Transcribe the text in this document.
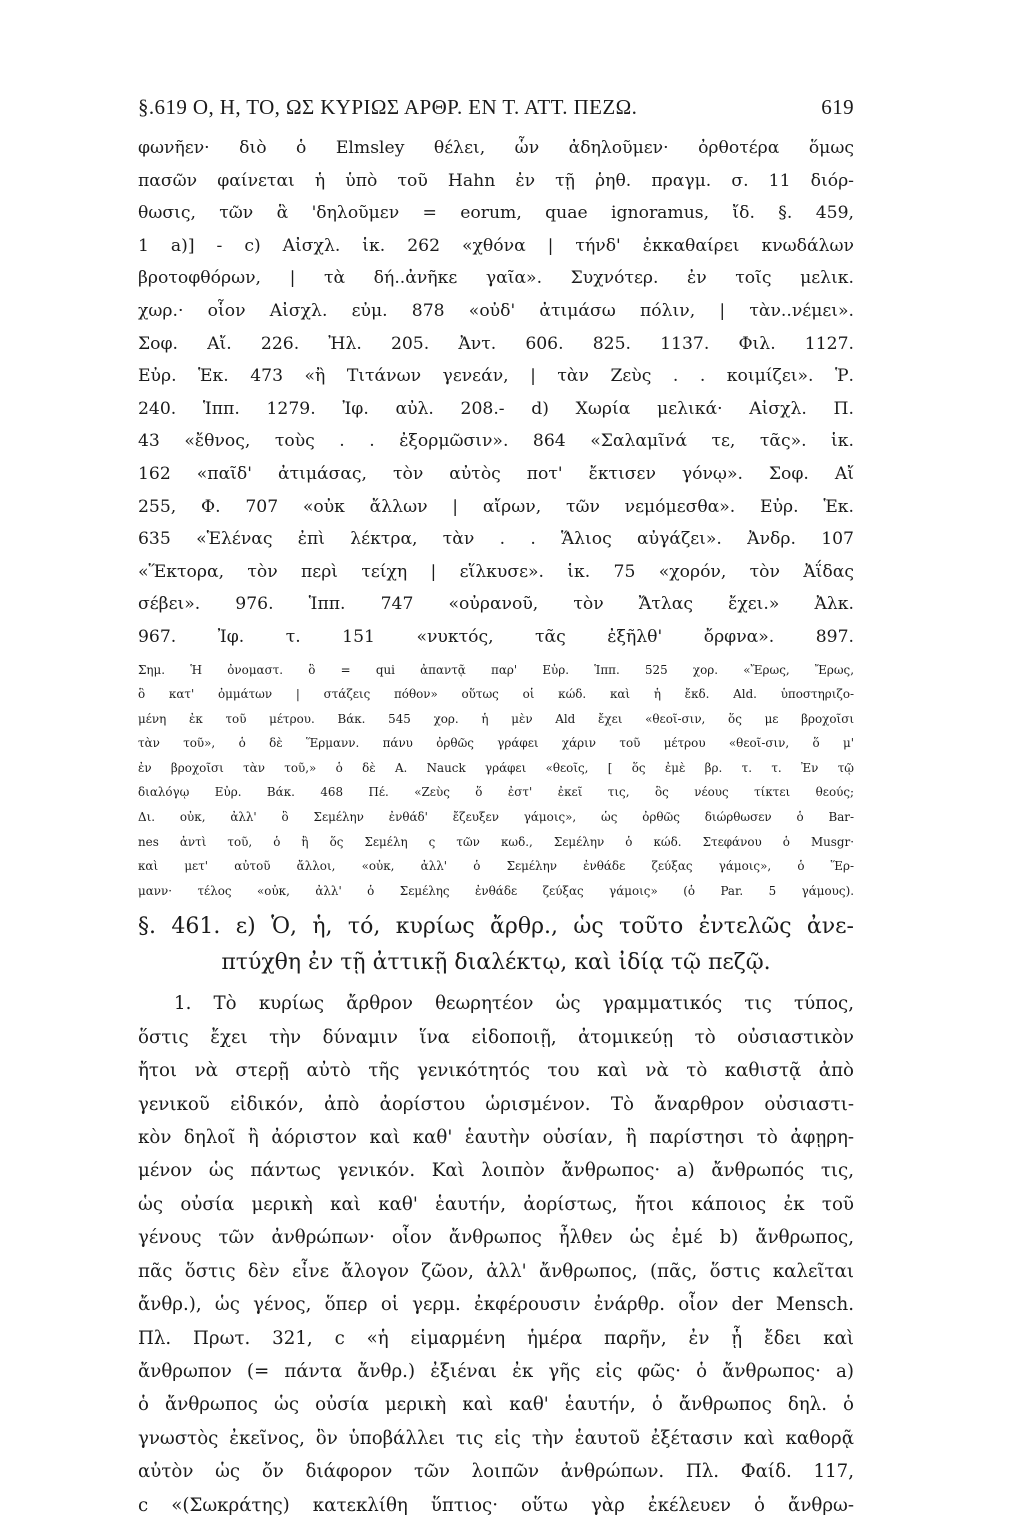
§.619 Ο, Η, ΤΟ, ΩΣ ΚΥΡΙΩΣ ΑΡΘΡ. ΕΝ Τ. ΑΤΤ. ΠΕΖΩ.	619
φωνῆεν· διὸ ὁ Elmsley θέλει, ὧν ἀδηλοῦμεν· ὀρθοτέρα ὅμως
πασῶν φαίνεται ἡ ὑπὸ τοῦ Hahn ἐν τῇ ῥηθ. πραγμ. σ. 11 διόρ-
θωσις, τῶν ἃ 'δηλοῦμεν = eorum, quae ignoramus, ἴδ. §. 459,
1 a)] - c) Αἰσχλ. ἱκ. 262 «χθόνα | τήνδ' ἐκκαθαίρει κνωδάλων
βροτοφθόρων, | τὰ δή..ἀνῆκε γαῖα». Συχνότερ. ἐν τοῖς μελικ.
χωρ.· οἷον Αἰσχλ. εὐμ. 878 «οὐδ' ἀτιμάσω πόλιν, | τὰν..νέμει».
Σοφ. Αἴ. 226. Ἠλ. 205. Ἀντ. 606. 825. 1137. Φιλ. 1127.
Εὐρ. Ἑκ. 473 «ἢ Τιτάνων γενεάν, | τὰν Ζεὺς . . κοιμίζει». Ῥ.
240. Ἱππ. 1279. Ἰφ. αὐλ. 208.- d) Χωρία μελικά· Αἰσχλ. Π.
43 «ἔθνος, τοὺς . . ἐξορμῶσιν». 864 «Σαλαμῖνά τε, τᾶς». ἱκ.
162 «παῖδ' ἀτιμάσας, τὸν αὐτὸς ποτ' ἔκτισεν γόνῳ». Σοφ. Αἴ
255, Φ. 707 «οὐκ ἄλλων | αἴρων, τῶν νεμόμεσθα». Εὐρ. Ἑκ.
635 «Ἑλένας ἐπὶ λέκτρα, τὰν . . Ἅλιος αὐγάζει». Ἀνδρ. 107
«Ἕκτορα, τὸν περὶ τείχη | εἵλκυσε». ἱκ. 75 «χορόν, τὸν Ἀΐδας
σέβει». 976. Ἱππ. 747 «οὐρανοῦ, τὸν Ἄτλας ἔχει.» Ἀλκ.
967. Ἰφ. τ. 151 «νυκτός, τᾶς ἐξῆλθ' ὄρφνα». 897.
Σημ. Ἡ ὀνομαστ. ὃ = qui ἀπαντᾷ παρ' Εὐρ. Ἱππ. 525 χορ. «Ἔρως, Ἔρως,
ὃ κατ' ὀμμάτων | στάζεις πόθον» οὕτως οἱ κώδ. καὶ ἡ ἔκδ. Ald. ὑποστηριζο-
μένη ἐκ τοῦ μέτρου. Βάκ. 545 χορ. ἡ μὲν Ald ἔχει «θεοῖ-σιν, ὅς με βροχοῖσι
τὰν τοῦ», ὁ δὲ Ἕρμανν. πάνυ ὀρθῶς γράφει χάριν τοῦ μέτρου «θεοῖ-σιν, ὅ μ'
ἐν βροχοῖσι τὰν τοῦ,» ὁ δὲ A. Nauck γράφει «θεοῖς, [ ὅς ἐμὲ βρ. τ. τ. Ἐν τῷ
διαλόγῳ Εὐρ. Βάκ. 468 Πέ. «Ζεὺς ὅ ἐστ' ἐκεῖ τις, ὃς νέους τίκτει θεούς;
Δι. οὐκ, ἀλλ' ὃ Σεμέλην ἐνθάδ' ἔζευξεν γάμοις», ὡς ὀρθῶς διώρθωσεν ὁ Bar-
nes ἀντὶ τοῦ, ὁ ἢ ὅς Σεμέλη ς τῶν κωδ., Σεμέλην ὁ κώδ. Στεφάνου ὁ Musgr·
καὶ μετ' αὐτοῦ ἄλλοι, «οὐκ, ἀλλ' ὁ Σεμέλην ἐνθάδε ζεύξας γάμοις», ὁ Ἕρ-
μανν· τέλος «οὐκ, ἀλλ' ὁ Σεμέλης ἐνθάδε ζεύξας γάμοις» (ὁ Par. 5 γάμους).
§. 461. ε) Ὁ, ἡ, τό, κυρίως ἄρθρ., ὡς τοῦτο ἐντελῶς ἀνε-
πτύχθη ἐν τῇ ἀττικῇ διαλέκτῳ, καὶ ἰδίᾳ τῷ πεζῷ.
1. Τὸ κυρίως ἄρθρον θεωρητέον ὡς γραμματικός τις τύπος,
ὅστις ἔχει τὴν δύναμιν ἵνα εἰδοποιῇ, ἀτομικεύῃ τὸ οὐσιαστικὸν
ἤτοι νὰ στερῇ αὐτὸ τῆς γενικότητός του καὶ νὰ τὸ καθιστᾷ ἀπὸ
γενικοῦ εἰδικόν, ἀπὸ ἀορίστου ὡρισμένον. Τὸ ἄναρθρον οὐσιαστι-
κὸν δηλοῖ ἢ ἀόριστον καὶ καθ' ἑαυτὴν οὐσίαν, ἢ παρίστησι τὸ ἀφῃρη-
μένον ὡς πάντως γενικόν. Καὶ λοιπὸν ἄνθρωπος· a) ἄνθρωπός τις,
ὡς οὐσία μερικὴ καὶ καθ' ἑαυτήν, ἀορίστως, ἤτοι κάποιος ἐκ τοῦ
γένους τῶν ἀνθρώπων· οἷον ἄνθρωπος ἦλθεν ὡς ἐμέ b) ἄνθρωπος,
πᾶς ὅστις δὲν εἶνε ἄλογον ζῶον, ἀλλ' ἄνθρωπος, (πᾶς, ὅστις καλεῖται
ἄνθρ.), ὡς γένος, ὅπερ οἱ γερμ. ἐκφέρουσιν ἐνάρθρ. οἷον der Mensch.
Πλ. Πρωτ. 321, c «ἡ εἱμαρμένη ἡμέρα παρῆν, ἐν ᾗ ἔδει καὶ
ἄνθρωπον (= πάντα ἄνθρ.) ἐξιέναι ἐκ γῆς εἰς φῶς· ὁ ἄνθρωπος· a)
ὁ ἄνθρωπος ὡς οὐσία μερικὴ καὶ καθ' ἑαυτήν, ὁ ἄνθρωπος δηλ. ὁ
γνωστὸς ἐκεῖνος, ὃν ὑποβάλλει τις εἰς τὴν ἑαυτοῦ ἐξέτασιν καὶ καθορᾷ
αὐτὸν ὡς ὄν διάφορον τῶν λοιπῶν ἀνθρώπων. Πλ. Φαίδ. 117,
c «(Σωκράτης) κατεκλίθη ὕπτιος· οὕτω γὰρ ἐκέλευεν ὁ ἄνθρω-
